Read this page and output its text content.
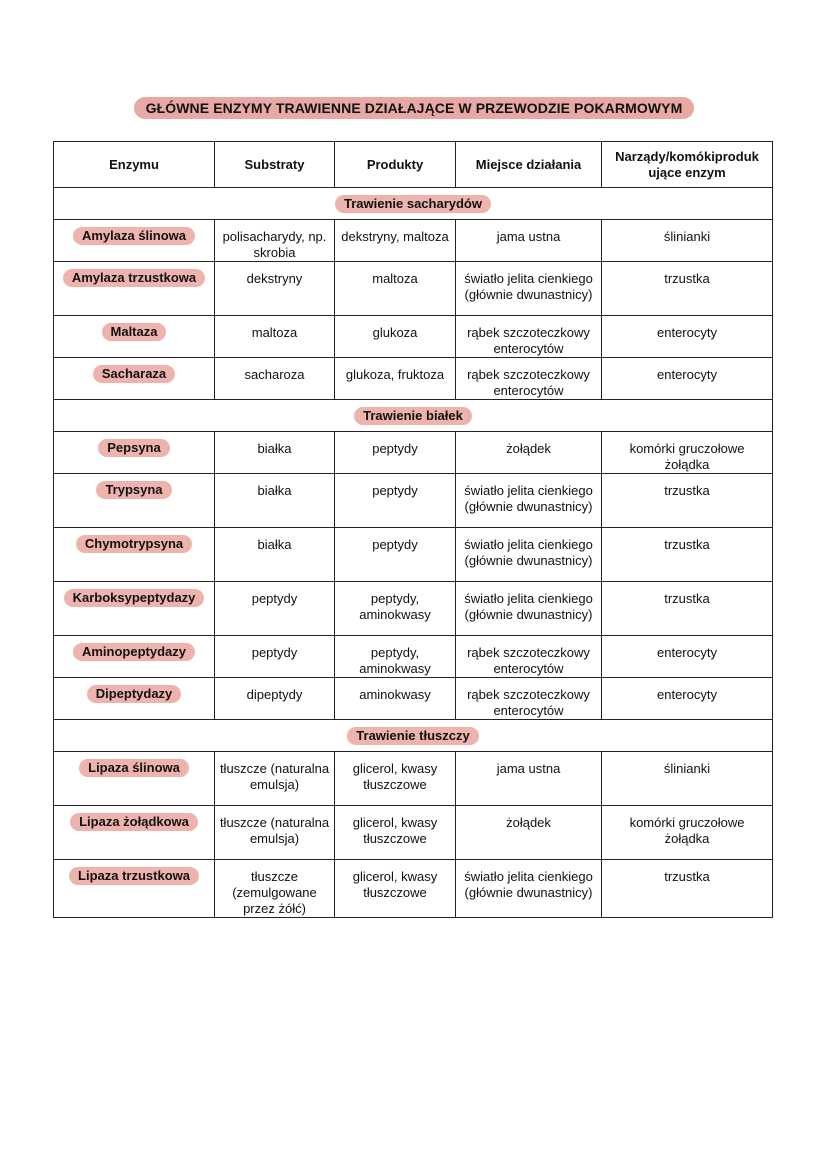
GŁÓWNE ENZYMY TRAWIENNE DZIAŁAJĄCE W PRZEWODZIE POKARMOWYM
Enzymu	Substraty	Produkty	Miejsce działania	Narządy/komókiproduk ujące enzym
Trawienie sacharydów				
Amylaza ślinowa	polisacharydy, np. skrobia	dekstryny, maltoza	jama ustna	ślinianki
Amylaza trzustkowa	dekstryny	maltoza	światło jelita cienkiego (głównie dwunastnicy)	trzustka
Maltaza	maltoza	glukoza	rąbek szczoteczkowy enterocytów	enterocyty
Sacharaza	sacharoza	glukoza, fruktoza	rąbek szczoteczkowy enterocytów	enterocyty
Trawienie białek				
Pepsyna	białka	peptydy	żołądek	komórki gruczołowe żołądka
Trypsyna	białka	peptydy	światło jelita cienkiego (głównie dwunastnicy)	trzustka
Chymotrypsyna	białka	peptydy	światło jelita cienkiego (głównie dwunastnicy)	trzustka
Karboksypeptydazy	peptydy	peptydy, aminokwasy	światło jelita cienkiego (głównie dwunastnicy)	trzustka
Aminopeptydazy	peptydy	peptydy, aminokwasy	rąbek szczoteczkowy enterocytów	enterocyty
Dipeptydazy	dipeptydy	aminokwasy	rąbek szczoteczkowy enterocytów	enterocyty
Trawienie tłuszczy				
Lipaza ślinowa	tłuszcze (naturalna emulsja)	glicerol, kwasy tłuszczowe	jama ustna	ślinianki
Lipaza żołądkowa	tłuszcze (naturalna emulsja)	glicerol, kwasy tłuszczowe	żołądek	komórki gruczołowe żołądka
Lipaza trzustkowa	tłuszcze (zemulgowane przez żółć)	glicerol, kwasy tłuszczowe	światło jelita cienkiego (głównie dwunastnicy)	trzustka
